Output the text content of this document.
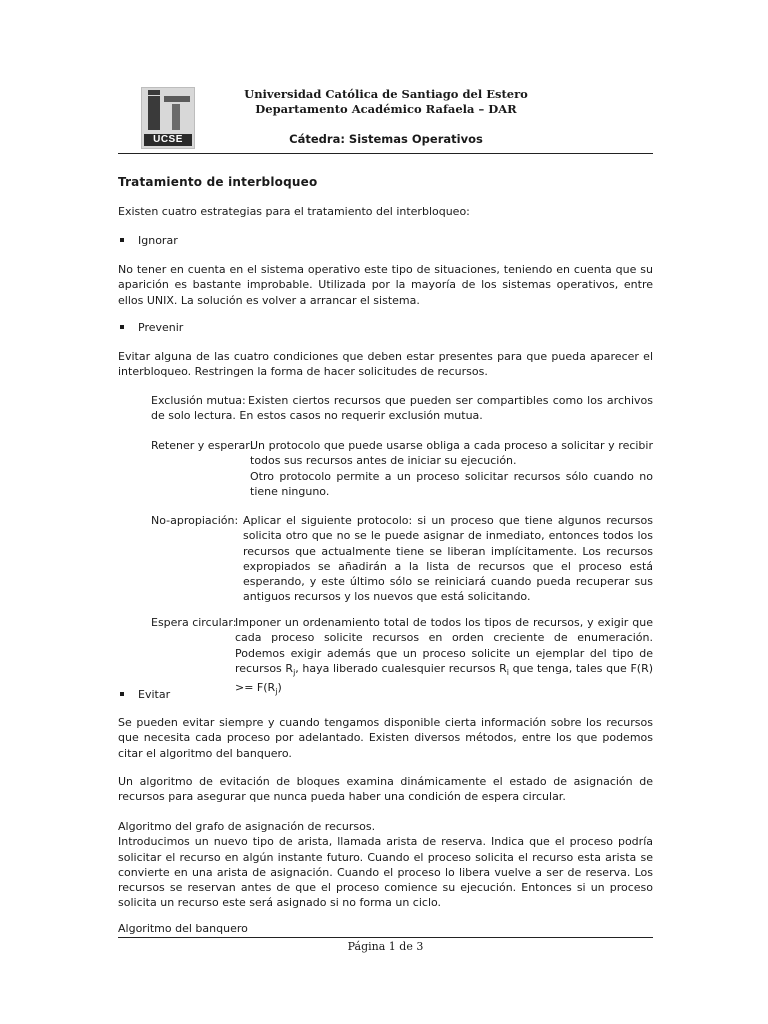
UCSE
Universidad Católica de Santiago del Estero
Departamento Académico Rafaela – DAR
Cátedra: Sistemas Operativos
Tratamiento de interbloqueo
Existen cuatro estrategias para el tratamiento del interbloqueo:
Ignorar
No tener en cuenta en el sistema operativo este tipo de situaciones, teniendo en cuenta que su aparición es bastante improbable. Utilizada por la mayoría de los sistemas operativos, entre ellos UNIX. La solución es volver a arrancar el sistema.
Prevenir
Evitar alguna de las cuatro condiciones que deben estar presentes para que pueda aparecer el interbloqueo. Restringen la forma de hacer solicitudes de recursos.
Exclusión mutua: Existen ciertos recursos que pueden ser compartibles como los archivos de solo lectura. En estos casos no requerir exclusión mutua.
Retener y esperar:
Un protocolo que puede usarse obliga a cada proceso a solicitar y recibir todos sus recursos antes de iniciar su ejecución.
Otro protocolo permite a un proceso solicitar recursos sólo cuando no tiene ninguno.
No-apropiación: Aplicar el siguiente protocolo: si un proceso que tiene algunos recursos solicita otro que no se le puede asignar de inmediato, entonces todos los recursos que actualmente tiene se liberan implícitamente. Los recursos expropiados se añadirán a la lista de recursos que el proceso está esperando, y este último sólo se reiniciará cuando pueda recuperar sus antiguos recursos y los nuevos que está solicitando.
Espera circular:
Imponer un ordenamiento total de todos los tipos de recursos, y exigir que cada proceso solicite recursos en orden creciente de enumeración. Podemos exigir además que un proceso solicite un ejemplar del tipo de recursos $R_j$, haya liberado cualesquier recursos $R_i$ que tenga, tales que $F(R) >= F(R_j)$
Evitar
Se pueden evitar siempre y cuando tengamos disponible cierta información sobre los recursos que necesita cada proceso por adelantado. Existen diversos métodos, entre los que podemos citar el algoritmo del banquero.
Un algoritmo de evitación de bloques examina dinámicamente el estado de asignación de recursos para asegurar que nunca pueda haber una condición de espera circular.
Algoritmo del grafo de asignación de recursos.
Introducimos un nuevo tipo de arista, llamada arista de reserva. Indica que el proceso podría solicitar el recurso en algún instante futuro. Cuando el proceso solicita el recurso esta arista se convierte en una arista de asignación. Cuando el proceso lo libera vuelve a ser de reserva. Los recursos se reservan antes de que el proceso comience su ejecución. Entonces si un proceso solicita un recurso este será asignado si no forma un ciclo.
Algoritmo del banquero
Página 1 de 3
